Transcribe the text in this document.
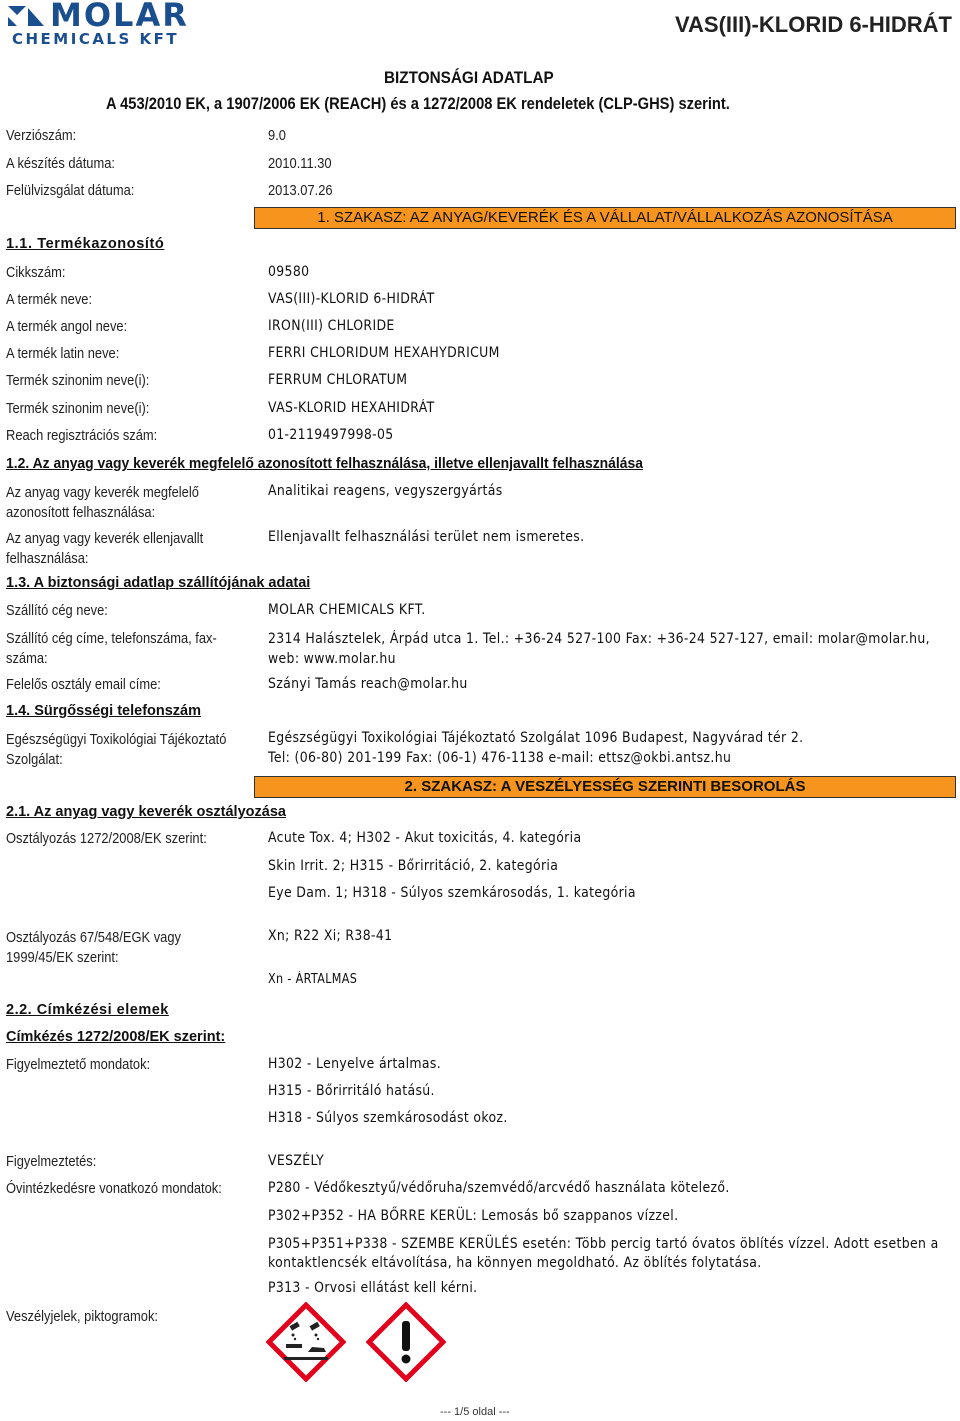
MOLAR
CHEMICALS KFT
VAS(III)-KLORID 6-HIDRÁT
BIZTONSÁGI ADATLAP
A 453/2010 EK, a 1907/2006 EK (REACH) és a 1272/2008 EK rendeletek (CLP-GHS) szerint.
Verziószám:	9.0
A készítés dátuma:	2010.11.30
Felülvizsgálat dátuma:	2013.07.26
1. SZAKASZ: AZ ANYAG/KEVERÉK ÉS A VÁLLALAT/VÁLLALKOZÁS AZONOSÍTÁSA
1.1. Termékazonosító
Cikkszám:	09580
A termék neve:	VAS(III)-KLORID 6-HIDRÁT
A termék angol neve:	IRON(III) CHLORIDE
A termék latin neve:	FERRI CHLORIDUM HEXAHYDRICUM
Termék szinonim neve(i):	FERRUM CHLORATUM
Termék szinonim neve(i):	VAS-KLORID HEXAHIDRÁT
Reach regisztrációs szám:	01-2119497998-05
1.2. Az anyag vagy keverék megfelelő azonosított felhasználása, illetve ellenjavallt felhasználása
Az anyag vagy keverék megfelelő azonosított felhasználása:
Analitikai reagens, vegyszergyártás
Az anyag vagy keverék ellenjavallt felhasználása:
Ellenjavallt felhasználási terület nem ismeretes.
1.3. A biztonsági adatlap szállítójának adatai
Szállító cég neve:	MOLAR CHEMICALS KFT.
Szállító cég címe, telefonszáma, fax-száma:
2314 Halásztelek, Árpád utca 1. Tel.: +36-24 527-100 Fax: +36-24 527-127, email: molar@molar.hu, web: www.molar.hu
Felelős osztály email címe:	Szányi Tamás reach@molar.hu
1.4. Sürgősségi telefonszám
Egészségügyi Toxikológiai Tájékoztató Szolgálat:
Egészségügyi Toxikológiai Tájékoztató Szolgálat 1096 Budapest, Nagyvárad tér 2.
Tel: (06-80) 201-199 Fax: (06-1) 476-1138 e-mail: ettsz@okbi.antsz.hu
2. SZAKASZ: A VESZÉLYESSÉG SZERINTI BESOROLÁS
2.1. Az anyag vagy keverék osztályozása
Osztályozás 1272/2008/EK szerint:	Acute Tox. 4; H302 - Akut toxicitás, 4. kategória
Skin Irrit. 2; H315 - Bőrirritáció, 2. kategória
Eye Dam. 1; H318 - Súlyos szemkárosodás, 1. kategória
Osztályozás 67/548/EGK vagy 1999/45/EK szerint:
Xn; R22 Xi; R38-41
Xn - ÁRTALMAS
2.2. Címkézési elemek
Címkézés 1272/2008/EK szerint:
Figyelmeztető mondatok:	H302 - Lenyelve ártalmas.
H315 - Bőrirritáló hatású.
H318 - Súlyos szemkárosodást okoz.
Figyelmeztetés:	VESZÉLY
Óvintézkedésre vonatkozó mondatok:	P280 - Védőkesztyű/védőruha/szemvédő/arcvédő használata kötelező.
P302+P352 - HA BŐRRE KERÜL: Lemosás bő szappanos vízzel.
P305+P351+P338 - SZEMBE KERÜLÉS esetén: Több percig tartó óvatos öblítés vízzel. Adott esetben a kontaktlencsék eltávolítása, ha könnyen megoldható. Az öblítés folytatása.
P313 - Orvosi ellátást kell kérni.
Veszélyjelek, piktogramok:
--- 1/5 oldal ---
